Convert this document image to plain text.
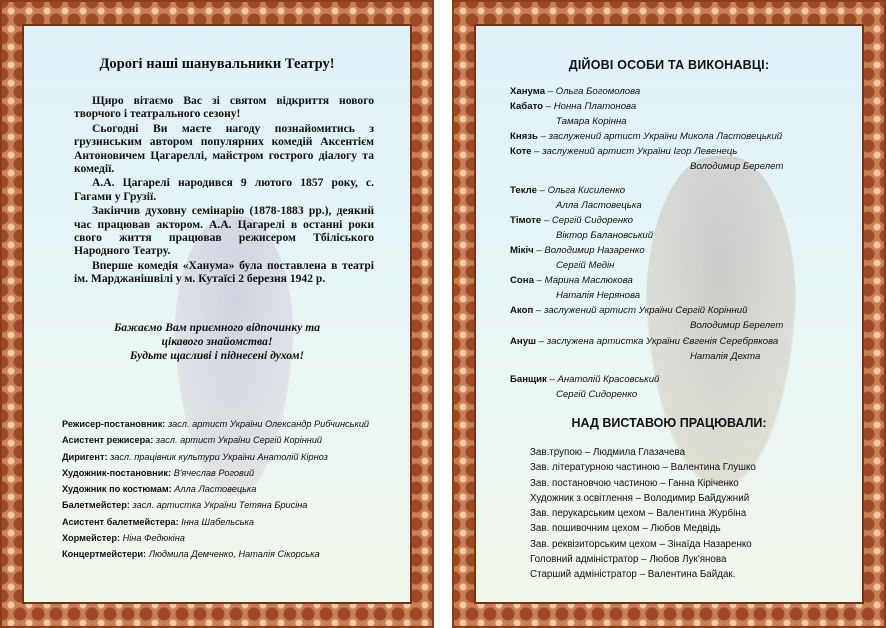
Дорогі наші шанувальники Театру!

Щиро вітаємо Вас зі святом відкриття нового творчого і театрального сезону!

Сьогодні Ви маєте нагоду познайомитись з грузинським автором популярних комедій Аксентієм Антоновичем Цагареллі, майстром гострого діалогу та комедії.

А.А. Цагарелі народився 9 лютого 1857 року, с. Гагами у Грузії.

Закінчив духовну семінарію (1878-1883 рр.), деякий час працював актором. А.А. Цагарелі в останні роки свого життя працював режисером Тбіліського Народного Театру.

Вперше комедія «Ханума» була поставлена в театрі ім. Марджанішвілі у м. Кутаїсі 2 березня 1942 р.

Бажаємо Вам приємного відпочинку та
цікавого знайомства!
Будьте щасливі і піднесені духом!
Режисер-постановник: засл. артист України Олександр Рибчинський
Асистент режисера: засл. артист України Сергій Корінний
Диригент: засл. працівник культури України Анатолій Кірноз
Художник-постановник: В'ячеслав Роговий
Художник по костюмам: Алла Ластовецька
Балетмейстер: засл. артистка України Тетяна Брисіна
Асистент балетмейстера: Інна Шабельська
Хормейстер: Ніна Федюкіна
Концертмейстери: Людмила Демченко, Наталія Сікорська
ДІЙОВІ ОСОБИ ТА ВИКОНАВЦІ:
Ханума – Ольга Богомолова
Кабато – Нонна Платонова
Тамара Корінна
Князь – заслужений артист України Микола Ластовецький
Коте – заслужений артист України Ігор Левенець
Володимир Берелет
Текле – Ольга Кисиленко
Алла Ластовецька
Тімоте – Сергій Сидоренко
Віктор Балановський
Мікіч – Володимир Назаренко
Сергій Медін
Сона – Марина Маслюкова
Наталія Нерянова
Акоп – заслужений артист України Сергій Корінний
Володимир Берелет
Ануш – заслужена артистка України Євгенія Серебрякова
Наталія Дехта
Банщик – Анатолій Красовський
Сергій Сидоренко
НАД ВИСТАВОЮ ПРАЦЮВАЛИ:
Зав.трупою – Людмила Глазачева
Зав. літературною частиною – Валентина Глушко
Зав. постановчою частиною – Ганна Кіріченко
Художник з освітлення – Володимир Байдужний
Зав. перукарським цехом – Валентина Журбіна
Зав. пошивочним цехом – Любов Медвідь
Зав. реквізиторським цехом – Зінаїда Назаренко
Головний адміністратор – Любов Лук'янова
Старший адміністратор – Валентина Байдак.
